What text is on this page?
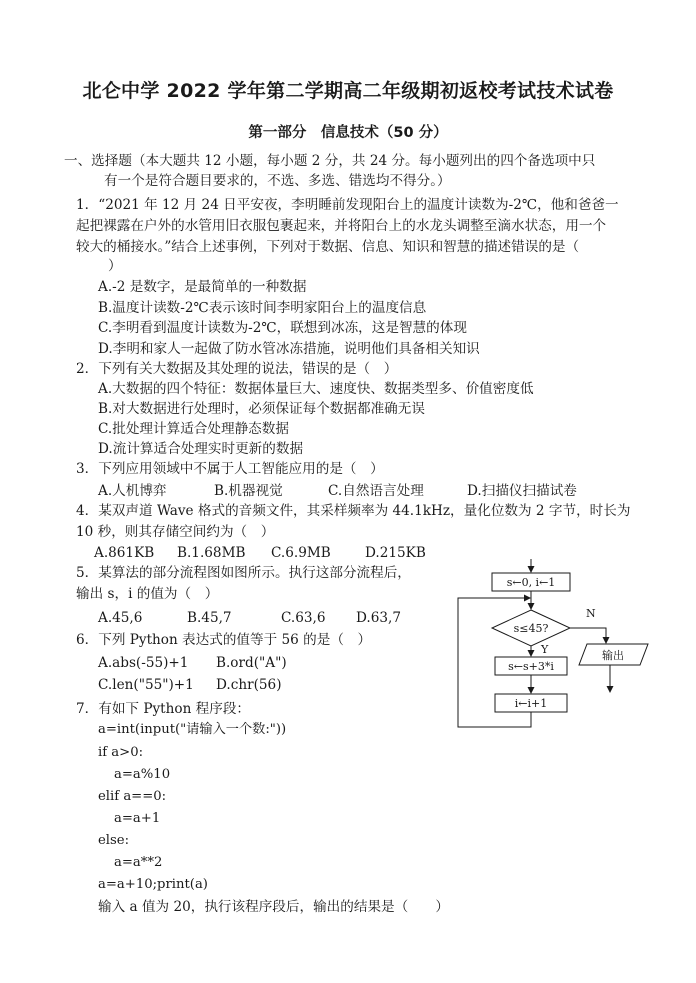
北仑中学 2022 学年第二学期高二年级期初返校考试技术试卷
第一部分　信息技术（50 分）
一、选择题（本大题共 12 小题，每小题 2 分，共 24 分。每小题列出的四个备选项中只
有一个是符合题目要求的，不选、多选、错选均不得分。）
1．“2021 年 12 月 24 日平安夜，李明睡前发现阳台上的温度计读数为-2℃，他和爸爸一
起把裸露在户外的水管用旧衣服包裹起来，并将阳台上的水龙头调整至滴水状态，用一个
较大的桶接水。”结合上述事例，下列对于数据、信息、知识和智慧的描述错误的是（
）
A.-2 是数字，是最简单的一种数据
B.温度计读数-2℃表示该时间李明家阳台上的温度信息
C.李明看到温度计读数为-2℃，联想到冰冻，这是智慧的体现
D.李明和家人一起做了防水管冰冻措施，说明他们具备相关知识
2．下列有关大数据及其处理的说法，错误的是（　）
A.大数据的四个特征：数据体量巨大、速度快、数据类型多、价值密度低
B.对大数据进行处理时，必须保证每个数据都准确无误
C.批处理计算适合处理静态数据
D.流计算适合处理实时更新的数据
3．下列应用领域中不属于人工智能应用的是（　）
A.人机博弈	B.机器视觉	C.自然语言处理	D.扫描仪扫描试卷
4．某双声道 Wave 格式的音频文件，其采样频率为 44.1kHz，量化位数为 2 字节，时长为
10 秒，则其存储空间约为（　）
A.861KB B.1.68MB C.6.9MB	D.215KB
5．某算法的部分流程图如图所示。执行这部分流程后，
输出 s，i 的值为（　）
A.45,6	B.45,7	C.63,6 D.63,7
s←0, i←1
s≤45?
Y
N
s←s+3*i
i←i+1
输出
6．下列 Python 表达式的值等于 56 的是（　）
A.abs(-55)+1 B.ord("A")
C.len("55")+1 D.chr(56)
7．有如下 Python 程序段：
a=int(input("请输入一个数:"))
if a>0:
a=a%10
elif a==0:
a=a+1
else:
a=a**2
a=a+10;print(a)
输入 a 值为 20，执行该程序段后，输出的结果是（　　）
